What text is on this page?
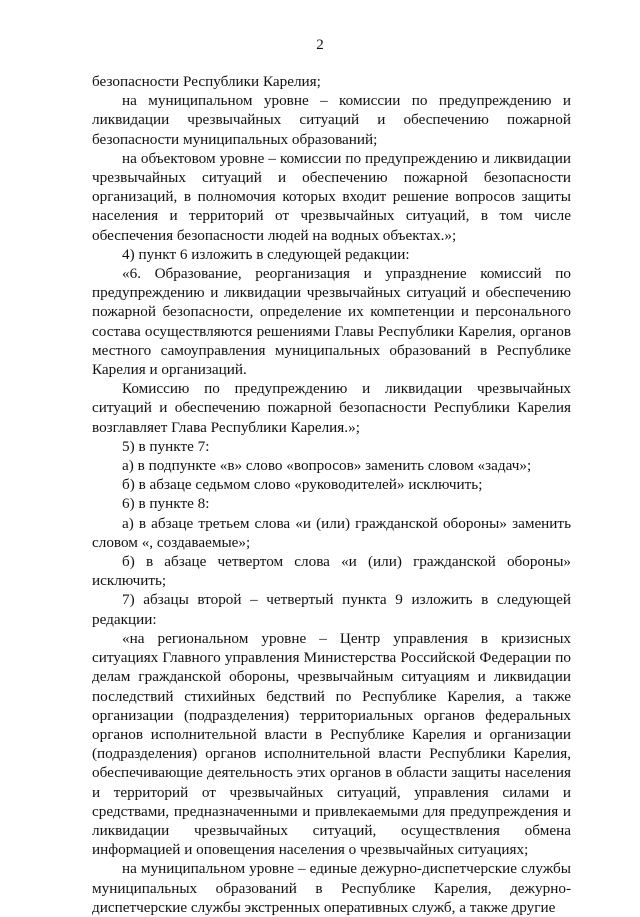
2

безопасности Республики Карелия;

на муниципальном уровне – комиссии по предупреждению и ликвидации чрезвычайных ситуаций и обеспечению пожарной безопасности муниципальных образований;

на объектовом уровне – комиссии по предупреждению и ликвидации чрезвычайных ситуаций и обеспечению пожарной безопасности организаций, в полномочия которых входит решение вопросов защиты населения и территорий от чрезвычайных ситуаций, в том числе обеспечения безопасности людей на водных объектах.»;

4) пункт 6 изложить в следующей редакции:

«6. Образование, реорганизация и упразднение комиссий по предупреждению и ликвидации чрезвычайных ситуаций и обеспечению пожарной безопасности, определение их компетенции и персонального состава осуществляются решениями Главы Республики Карелия, органов местного самоуправления муниципальных образований в Республике Карелия и организаций.

Комиссию по предупреждению и ликвидации чрезвычайных ситуаций и обеспечению пожарной безопасности Республики Карелия возглавляет Глава Республики Карелия.»;

5) в пункте 7:

а) в подпункте «в» слово «вопросов» заменить словом «задач»;

б) в абзаце седьмом слово «руководителей» исключить;

6) в пункте 8:

а) в абзаце третьем слова «и (или) гражданской обороны» заменить словом «, создаваемые»;

б) в абзаце четвертом слова «и (или) гражданской обороны» исключить;

7) абзацы второй – четвертый пункта 9 изложить в следующей редакции:

«на региональном уровне – Центр управления в кризисных ситуациях Главного управления Министерства Российской Федерации по делам гражданской обороны, чрезвычайным ситуациям и ликвидации последствий стихийных бедствий по Республике Карелия, а также организации (подразделения) территориальных органов федеральных органов исполнительной власти в Республике Карелия и организации (подразделения) органов исполнительной власти Республики Карелия, обеспечивающие деятельность этих органов в области защиты населения и территорий от чрезвычайных ситуаций, управления силами и средствами, предназначенными и привлекаемыми для предупреждения и ликвидации чрезвычайных ситуаций, осуществления обмена информацией и оповещения населения о чрезвычайных ситуациях;

на муниципальном уровне – единые дежурно-диспетчерские службы муниципальных образований в Республике Карелия, дежурно-диспетчерские службы экстренных оперативных служб, а также другие
